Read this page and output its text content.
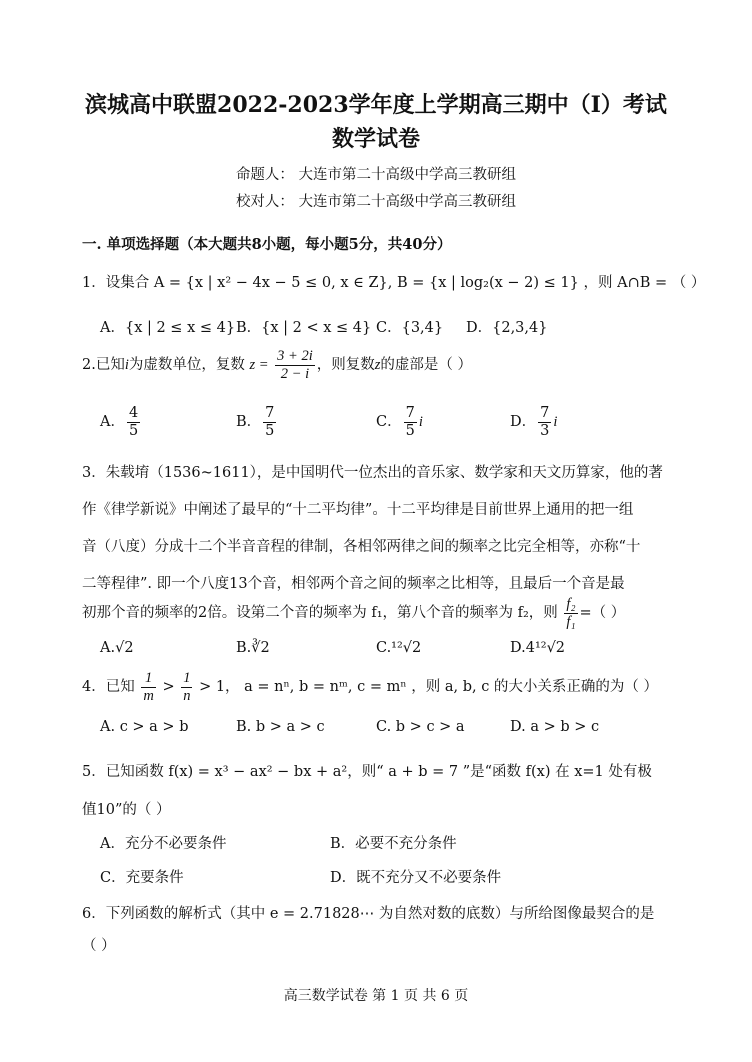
滨城高中联盟2022-2023学年度上学期高三期中（Ⅰ）考试
数学试卷
命题人： 大连市第二十高级中学高三教研组
校对人： 大连市第二十高级中学高三教研组
一. 单项选择题（本大题共8小题，每小题5分，共40分）
1．设集合 A = {x | x² − 4x − 5 ≤ 0, x ∈ Z}, B = {x | log₂(x − 2) ≤ 1} ，则 A∩B = （ ）
A．{x | 2 ≤ x ≤ 4} B．{x | 2 < x ≤ 4} C．{3,4} D．{2,3,4}
2.已知i为虚数单位，复数 $z = \frac{3 + 2i}{2 - i}$ ，则复数z的虚部是（ ）
A． $\frac{4}{5}$	B． $\frac{7}{5}$	C． $\frac{7}{5}$ i	D． $\frac{7}{3}$ i
3．朱载堉（1536~1611），是中国明代一位杰出的音乐家、数学家和天文历算家，他的著
作《律学新说》中阐述了最早的“十二平均律”。十二平均律是目前世界上通用的把一组
音（八度）分成十二个半音音程的律制，各相邻两律之间的频率之比完全相等，亦称“十
二等程律”. 即一个八度13个音，相邻两个音之间的频率之比相等，且最后一个音是最
初那个音的频率的2倍。设第二个音的频率为 f₁，第八个音的频率为 f₂，则 $\frac{\text{f₂}}{\text{f₁}}$ =（ ）
A.√2	B.∛2	C.¹²√2	D.4¹²√2
4．已知 $\frac{1}{m} > \frac{1}{n} > 1$， a = nⁿ, b = nᵐ, c = mⁿ ，则 a, b, c 的大小关系正确的为（ ）
A. c > a > b	B. b > a > c	C. b > c > a	D. a > b > c
5．已知函数 f(x) = x³ − ax² − bx + a²，则“ a + b = 7 ”是“函数 f(x) 在 x=1 处有极
值10”的（ ）
A．充分不必要条件	B．必要不充分条件
C．充要条件	D．既不充分又不必要条件
6．下列函数的解析式（其中 e = 2.71828⋯ 为自然对数的底数）与所给图像最契合的是
（ ）
高三数学试卷 第 1 页 共 6 页
